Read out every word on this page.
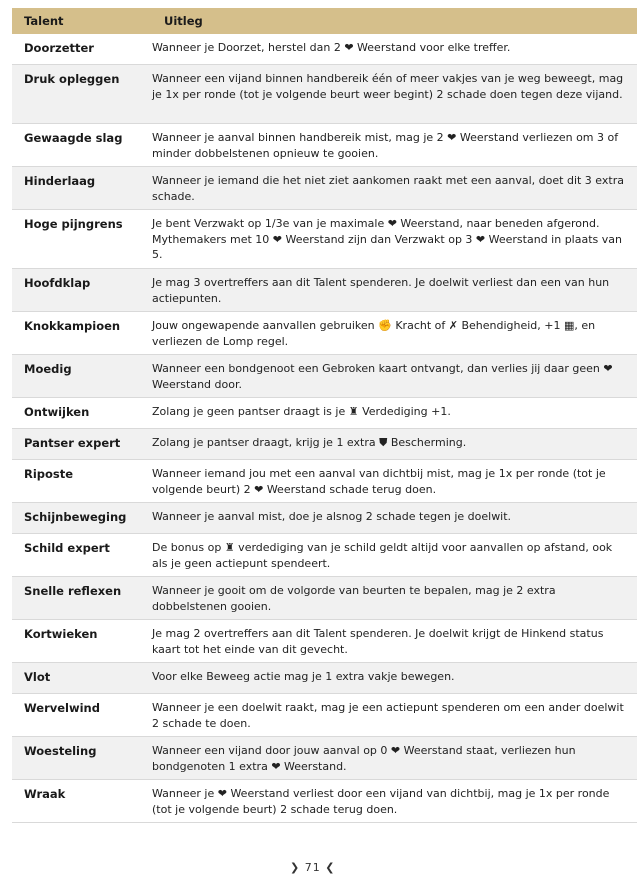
Talent	Uitleg
Doorzetter	Wanneer je Doorzet, herstel dan 2 ❤ Weerstand voor elke treffer.
Druk opleggen	Wanneer een vijand binnen handbereik één of meer vakjes van je weg beweegt, mag je 1x per ronde (tot je volgende beurt weer begint) 2 schade doen tegen deze vijand.
Gewaagde slag	Wanneer je aanval binnen handbereik mist, mag je 2 ❤ Weerstand verliezen om 3 of minder dobbelstenen opnieuw te gooien.
Hinderlaag	Wanneer je iemand die het niet ziet aankomen raakt met een aanval, doet dit 3 extra schade.
Hoge pijngrens	Je bent Verzwakt op 1/3e van je maximale ❤ Weerstand, naar beneden afgerond. Mythemakers met 10 ❤ Weerstand zijn dan Verzwakt op 3 ❤ Weerstand in plaats van 5.
Hoofdklap	Je mag 3 overtreffers aan dit Talent spenderen. Je doelwit verliest dan een van hun actiepunten.
Knokkampioen	Jouw ongewapende aanvallen gebruiken ✊ Kracht of ✗ Behendigheid, +1 ▦, en verliezen de Lomp regel.
Moedig	Wanneer een bondgenoot een Gebroken kaart ontvangt, dan verlies jij daar geen ❤ Weerstand door.
Ontwijken	Zolang je geen pantser draagt is je ♜ Verdediging +1.
Pantser expert	Zolang je pantser draagt, krijg je 1 extra ⛊ Bescherming.
Riposte	Wanneer iemand jou met een aanval van dichtbij mist, mag je 1x per ronde (tot je volgende beurt) 2 ❤ Weerstand schade terug doen.
Schijnbeweging	Wanneer je aanval mist, doe je alsnog 2 schade tegen je doelwit.
Schild expert	De bonus op ♜ verdediging van je schild geldt altijd voor aanvallen op afstand, ook als je geen actiepunt spendeert.
Snelle reflexen	Wanneer je gooit om de volgorde van beurten te bepalen, mag je 2 extra dobbelstenen gooien.
Kortwieken	Je mag 2 overtreffers aan dit Talent spenderen. Je doelwit krijgt de Hinkend status kaart tot het einde van dit gevecht.
Vlot	Voor elke Beweeg actie mag je 1 extra vakje bewegen.
Wervelwind	Wanneer je een doelwit raakt, mag je een actiepunt spenderen om een ander doelwit 2 schade te doen.
Woesteling	Wanneer een vijand door jouw aanval op 0 ❤ Weerstand staat, verliezen hun bondgenoten 1 extra ❤ Weerstand.
Wraak	Wanneer je ❤ Weerstand verliest door een vijand van dichtbij, mag je 1x per ronde (tot je volgende beurt) 2 schade terug doen.
❯ 71 ❮
